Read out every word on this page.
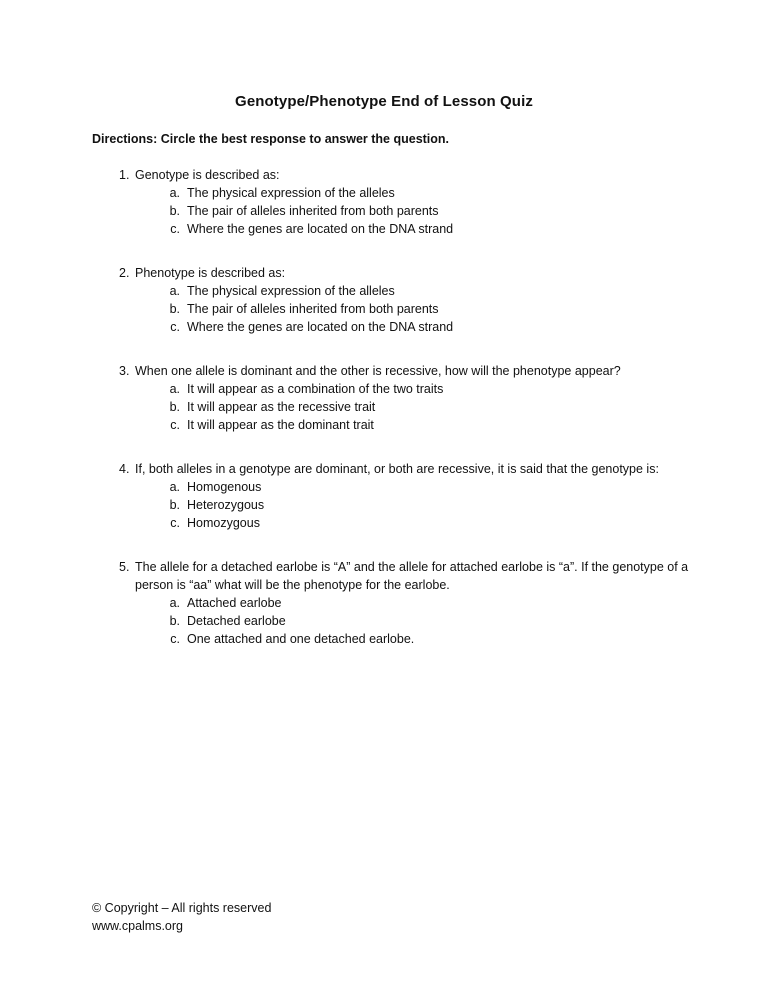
Genotype/Phenotype End of Lesson Quiz
Directions: Circle the best response to answer the question.
1. Genotype is described as:
a. The physical expression of the alleles
b. The pair of alleles inherited from both parents
c. Where the genes are located on the DNA strand
2. Phenotype is described as:
a. The physical expression of the alleles
b. The pair of alleles inherited from both parents
c. Where the genes are located on the DNA strand
3. When one allele is dominant and the other is recessive, how will the phenotype appear?
a. It will appear as a combination of the two traits
b. It will appear as the recessive trait
c. It will appear as the dominant trait
4. If, both alleles in a genotype are dominant, or both are recessive, it is said that the genotype is:
a. Homogenous
b. Heterozygous
c. Homozygous
5. The allele for a detached earlobe is “A” and the allele for attached earlobe is “a”. If the genotype of a person is “aa” what will be the phenotype for the earlobe.
a. Attached earlobe
b. Detached earlobe
c. One attached and one detached earlobe.
© Copyright – All rights reserved
www.cpalms.org
